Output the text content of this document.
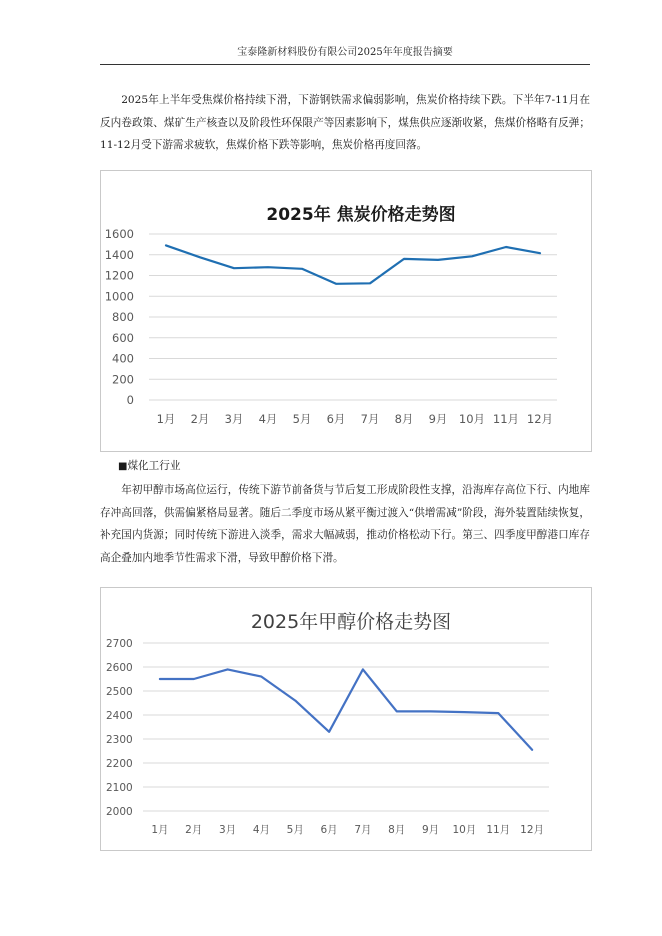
宝泰隆新材料股份有限公司2025年年度报告摘要

2025年上半年受焦煤价格持续下滑，下游钢铁需求偏弱影响，焦炭价格持续下跌。下半年7-11月在反内卷政策、煤矿生产核查以及阶段性环保限产等因素影响下，煤焦供应逐渐收紧，焦煤价格略有反弹；11-12月受下游需求疲软，焦煤价格下跌等影响，焦炭价格再度回落。

2025年 焦炭价格走势图
0
200
400
600
800
1000
1200
1400
1600
1月 2月 3月 4月 5月 6月 7月 8月 9月 10月 11月 12月
■煤化工行业

年初甲醇市场高位运行，传统下游节前备货与节后复工形成阶段性支撑，沿海库存高位下行、内地库存冲高回落，供需偏紧格局显著。随后二季度市场从紧平衡过渡入“供增需减”阶段，海外装置陆续恢复，补充国内货源；同时传统下游进入淡季，需求大幅减弱，推动价格松动下行。第三、四季度甲醇港口库存高企叠加内地季节性需求下滑，导致甲醇价格下滑。

2025年甲醇价格走势图
2000
2100
2200
2300
2400
2500
2600
2700
1月 2月 3月 4月 5月 6月 7月 8月 9月 10月 11月 12月
